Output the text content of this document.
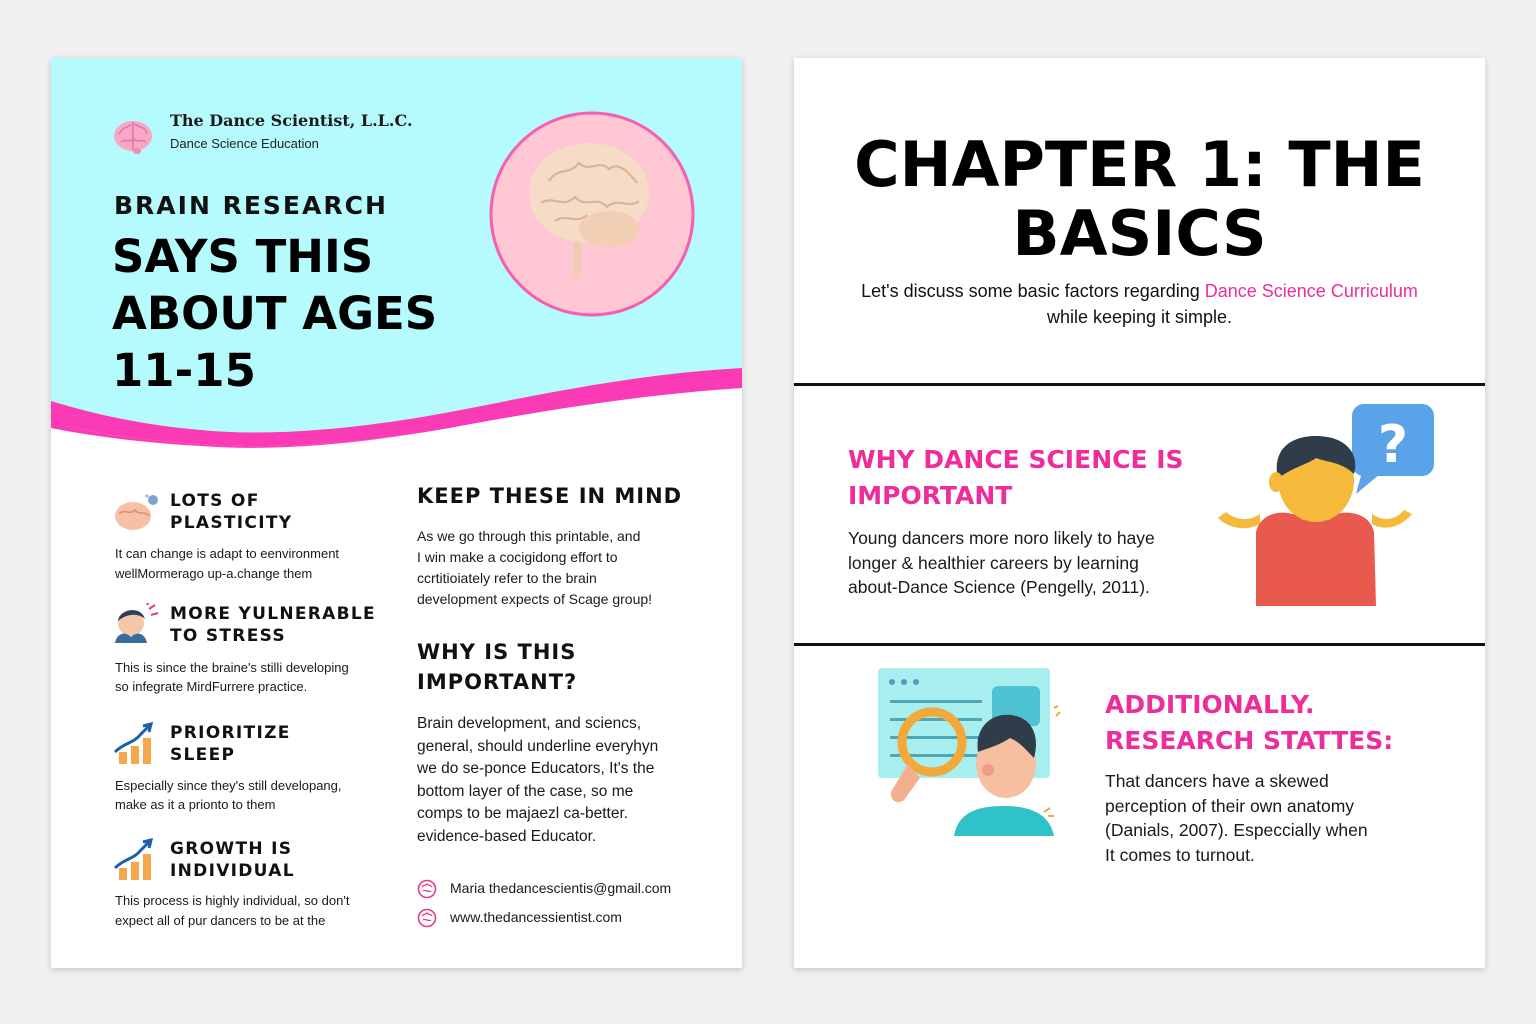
The Dance Scientist, L.L.C.
Dance Science Education
BRAIN RESEARCH
SAYS THIS ABOUT AGES 11-15
LOTS OF
PLASTICITY
It can change is adapt to eenvironment
wellMormerago up-a.change them
MORE YULNERABLE
TO STRESS
This is since the braine's stilli developing
so infegrate MirdFurrere practice.
PRIORITIZE
SLEEP
Especially since they's still developang,
make as it a prionto to them
GROWTH IS
INDIVIDUAL
This process is highly individual, so don't
expect all of pur dancers to be at the
KEEP THESE IN MIND
As we go through this printable, and
I win make a cocigidong effort to
ccrtitioiately refer to the brain
development expects of Scage group!
WHY IS THIS
IMPORTANT?
Brain development, and sciencs,
general, should underline everyhyn
we do se-ponce Educators, It's the
bottom layer of the case, so me
comps to be majaezl ca-better.
evidence-based Educator.
Maria thedancescientis@gmail.com
www.thedancessientist.com
CHAPTER 1: THE
BASICS
Let's discuss some basic factors regarding Dance Science Curriculum
while keeping it simple.
WHY DANCE SCIENCE IS
IMPORTANT
Young dancers more noro likely to haye
longer & healthier careers by learning
about-Dance Science (Pengelly, 2011).
?
ADDITIONALLY.
RESEARCH STATTES:
That dancers have a skewed
perception of their own anatomy
(Danials, 2007). Especcially when
It comes to turnout.
